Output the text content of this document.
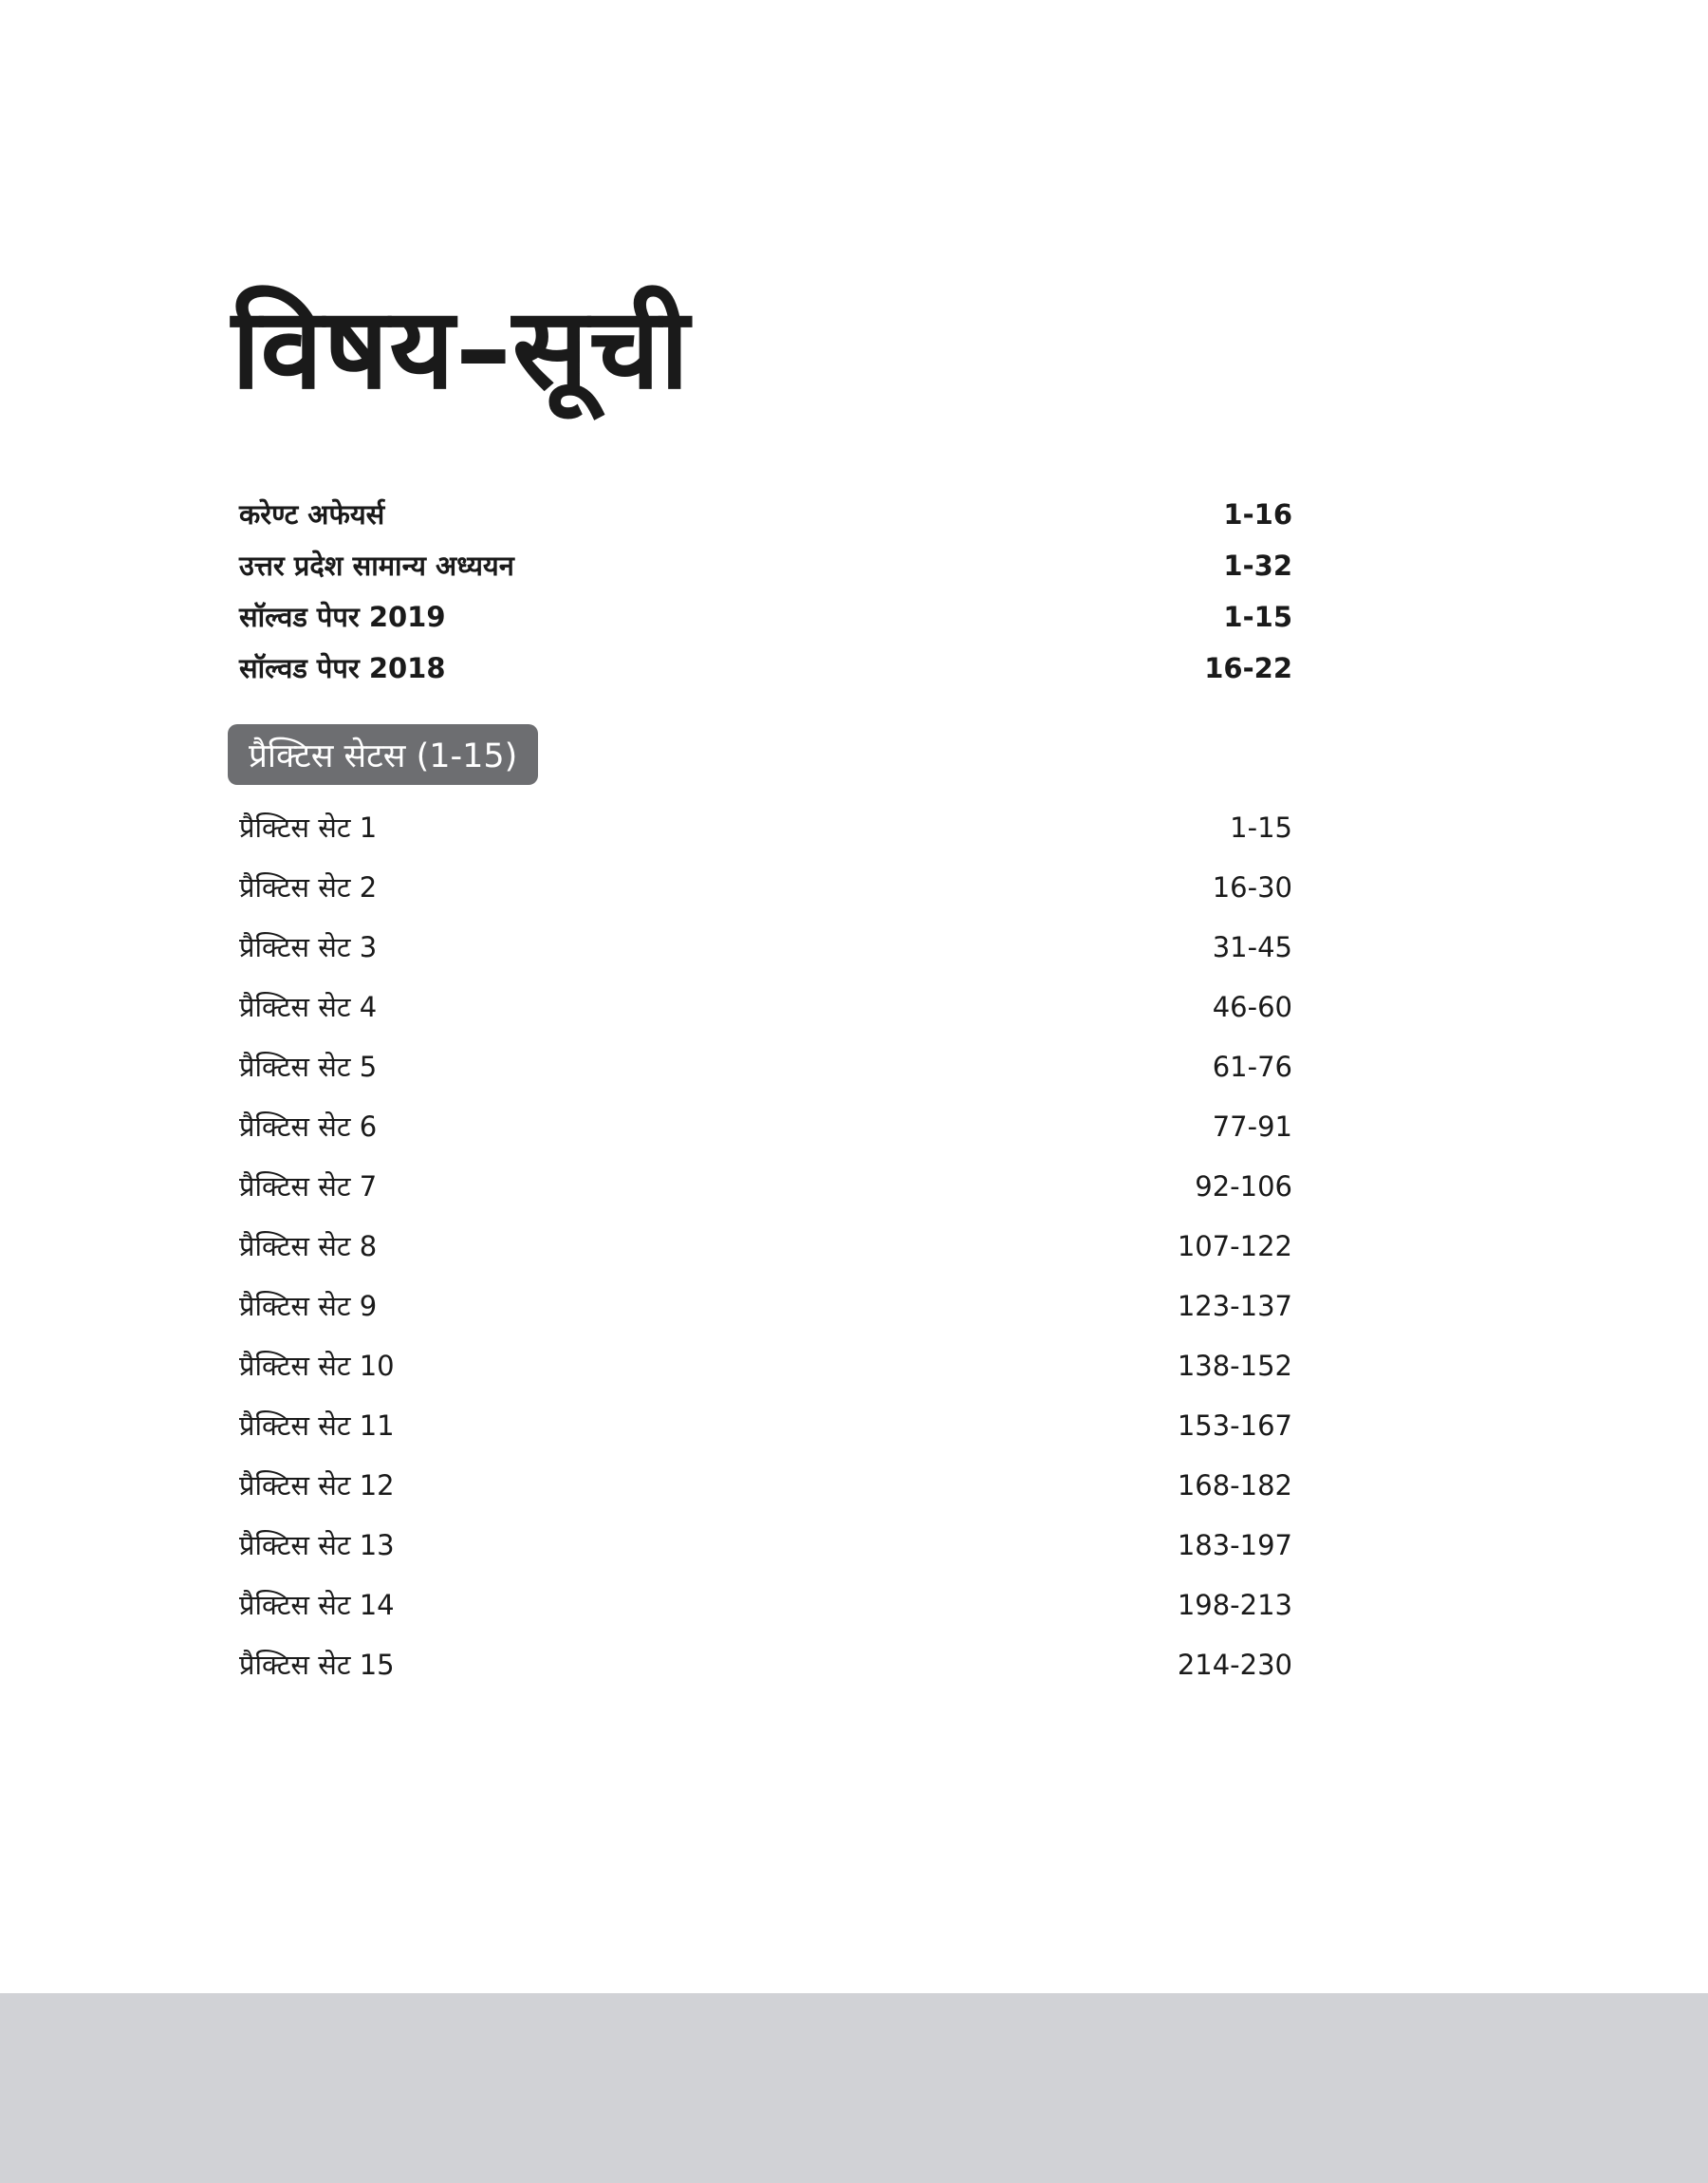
विषय–सूची
करेण्ट अफेयर्स	1-16
उत्तर प्रदेश सामान्य अध्ययन	1-32
सॉल्वड पेपर 2019	1-15
सॉल्वड पेपर 2018	16-22
प्रैक्टिस सेटस (1-15)
प्रैक्टिस सेट 1	1-15
प्रैक्टिस सेट 2	16-30
प्रैक्टिस सेट 3	31-45
प्रैक्टिस सेट 4	46-60
प्रैक्टिस सेट 5	61-76
प्रैक्टिस सेट 6	77-91
प्रैक्टिस सेट 7	92-106
प्रैक्टिस सेट 8	107-122
प्रैक्टिस सेट 9	123-137
प्रैक्टिस सेट 10	138-152
प्रैक्टिस सेट 11	153-167
प्रैक्टिस सेट 12	168-182
प्रैक्टिस सेट 13	183-197
प्रैक्टिस सेट 14	198-213
प्रैक्टिस सेट 15	214-230
